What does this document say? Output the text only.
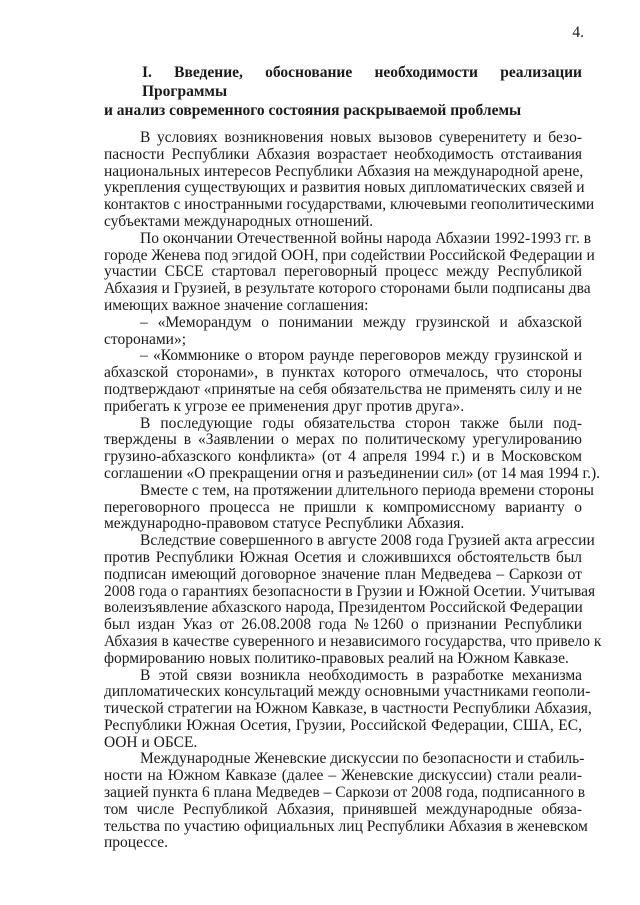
4.
I. Введение, обоснование необходимости реализации Программы
и анализ современного состояния раскрываемой проблемы
В условиях возникновения новых вызовов суверенитету и безо-
пасности Республики Абхазия возрастает необходимость отстаивания
национальных интересов Республики Абхазия на международной арене,
укрепления существующих и развития новых дипломатических связей и
контактов с иностранными государствами, ключевыми геополитическими
субъектами международных отношений.
По окончании Отечественной войны народа Абхазии 1992-1993 гг. в
городе Женева под эгидой ООН, при содействии Российской Федерации и
участии СБСЕ стартовал переговорный процесс между Республикой
Абхазия и Грузией, в результате которого сторонами были подписаны два
имеющих важное значение соглашения:
– «Меморандум о понимании между грузинской и абхазской
сторонами»;
– «Коммюнике о втором раунде переговоров между грузинской и
абхазской сторонами», в пунктах которого отмечалось, что стороны
подтверждают «принятые на себя обязательства не применять силу и не
прибегать к угрозе ее применения друг против друга».
В последующие годы обязательства сторон также были под-
тверждены в «Заявлении о мерах по политическому урегулированию
грузино-абхазского конфликта» (от 4 апреля 1994 г.) и в Московском
соглашении «О прекращении огня и разъединении сил» (от 14 мая 1994 г.).
Вместе с тем, на протяжении длительного периода времени стороны
переговорного процесса не пришли к компромиссному варианту о
международно-правовом статусе Республики Абхазия.
Вследствие совершенного в августе 2008 года Грузией акта агрессии
против Республики Южная Осетия и сложившихся обстоятельств был
подписан имеющий договорное значение план Медведева – Саркози от
2008 года о гарантиях безопасности в Грузии и Южной Осетии. Учитывая
волеизъявление абхазского народа, Президентом Российской Федерации
был издан Указ от 26.08.2008 года №1260 о признании Республики
Абхазия в качестве суверенного и независимого государства, что привело к
формированию новых политико-правовых реалий на Южном Кавказе.
В этой связи возникла необходимость в разработке механизма
дипломатических консультаций между основными участниками геополи-
тической стратегии на Южном Кавказе, в частности Республики Абхазия,
Республики Южная Осетия, Грузии, Российской Федерации, США, ЕС,
ООН и ОБСЕ.
Международные Женевские дискуссии по безопасности и стабиль-
ности на Южном Кавказе (далее – Женевские дискуссии) стали реали-
зацией пункта 6 плана Медведев – Саркози от 2008 года, подписанного в
том числе Республикой Абхазия, принявшей международные обяза-
тельства по участию официальных лиц Республики Абхазия в женевском
процессе.
